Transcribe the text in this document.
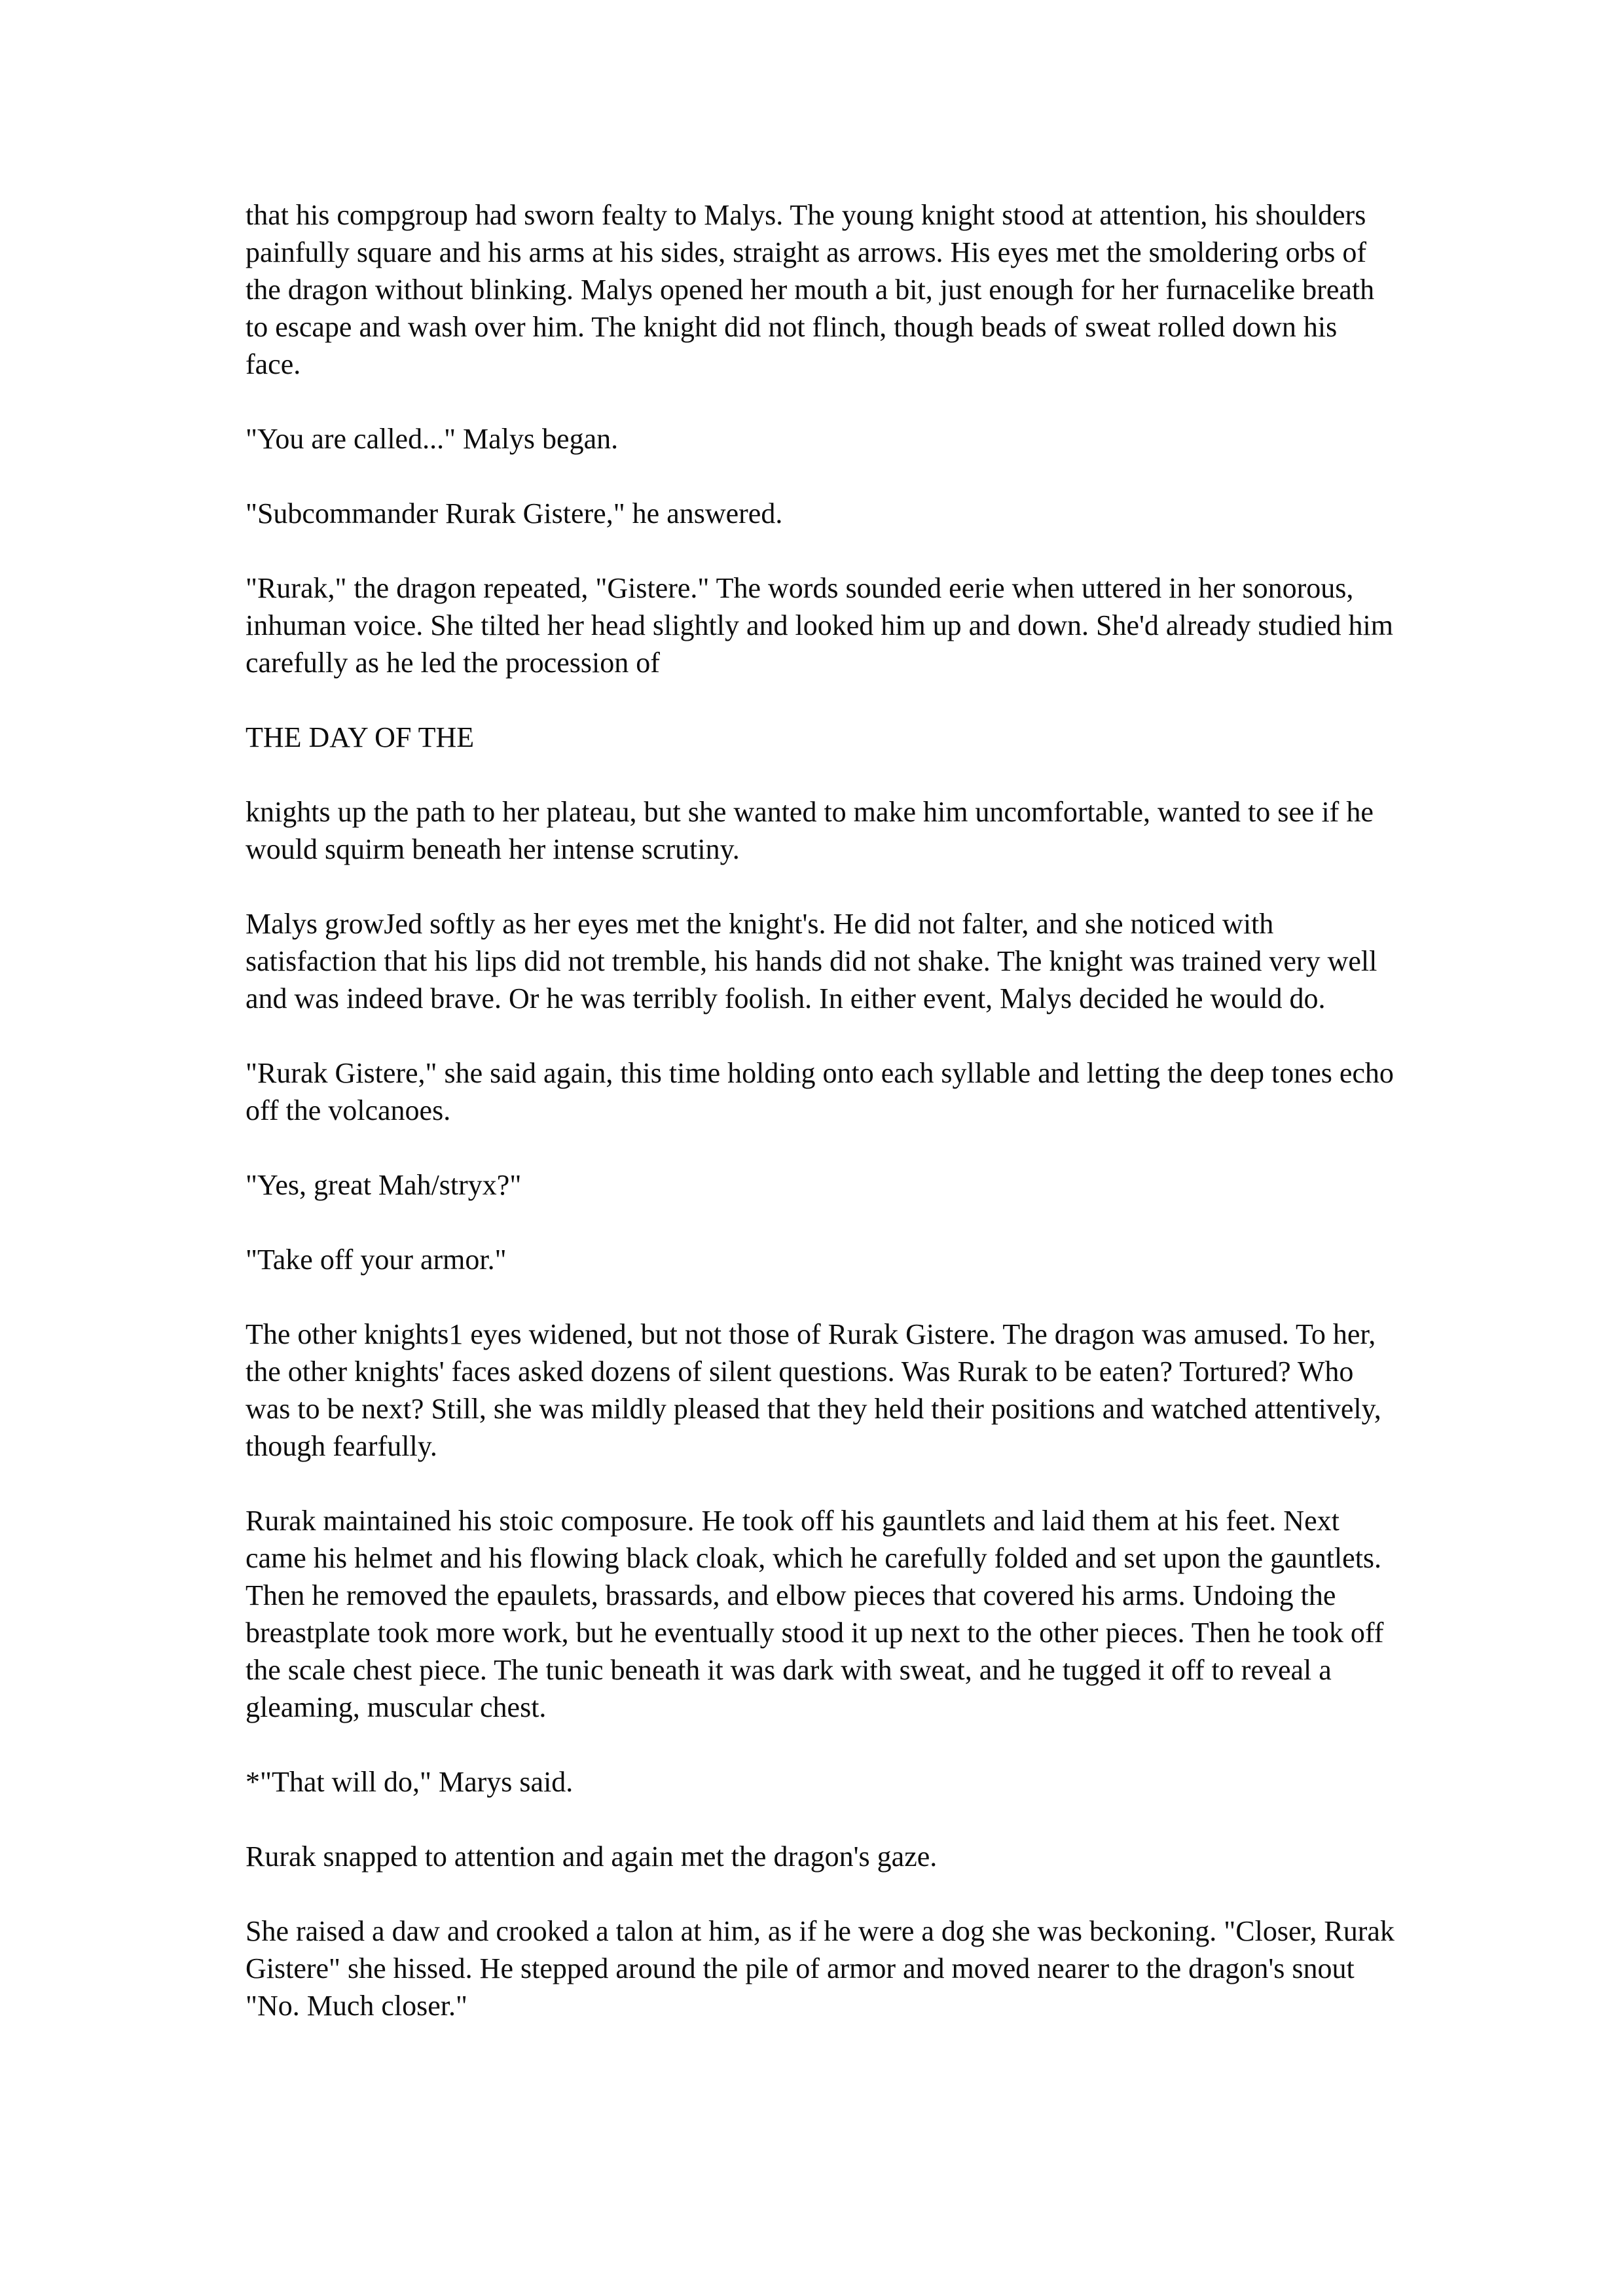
that his compgroup had sworn fealty to Malys. The young knight stood at attention, his shoulders painfully square and his arms at his sides, straight as arrows. His eyes met the smoldering orbs of the dragon without blinking. Malys opened her mouth a bit, just enough for her furnacelike breath to escape and wash over him. The knight did not flinch, though beads of sweat rolled down his face.

"You are called..." Malys began.

"Subcommander Rurak Gistere," he answered.

"Rurak," the dragon repeated, "Gistere." The words sounded eerie when uttered in her sonorous, inhuman voice. She tilted her head slightly and looked him up and down. She'd already studied him carefully as he led the procession of

THE DAY OF THE

knights up the path to her plateau, but she wanted to make him uncomfortable, wanted to see if he would squirm beneath her intense scrutiny.

Malys growJed softly as her eyes met the knight's. He did not falter, and she noticed with satisfaction that his lips did not tremble, his hands did not shake. The knight was trained very well and was indeed brave. Or he was terribly foolish. In either event, Malys decided he would do.

"Rurak Gistere," she said again, this time holding onto each syllable and letting the deep tones echo off the volcanoes.

"Yes, great Mah/stryx?"

"Take off your armor."

The other knights1 eyes widened, but not those of Rurak Gistere. The dragon was amused. To her, the other knights' faces asked dozens of silent questions. Was Rurak to be eaten? Tortured? Who was to be next? Still, she was mildly pleased that they held their positions and watched attentively, though fearfully.

Rurak maintained his stoic composure. He took off his gauntlets and laid them at his feet. Next came his helmet and his flowing black cloak, which he carefully folded and set upon the gauntlets. Then he removed the epaulets, brassards, and elbow pieces that covered his arms. Undoing the breastplate took more work, but he eventually stood it up next to the other pieces. Then he took off the scale chest piece. The tunic beneath it was dark with sweat, and he tugged it off to reveal a gleaming, muscular chest.

*"That will do," Marys said.

Rurak snapped to attention and again met the dragon's gaze.

She raised a daw and crooked a talon at him, as if he were a dog she was beckoning. "Closer, Rurak Gistere" she hissed. He stepped around the pile of armor and moved nearer to the dragon's snout "No. Much closer."
